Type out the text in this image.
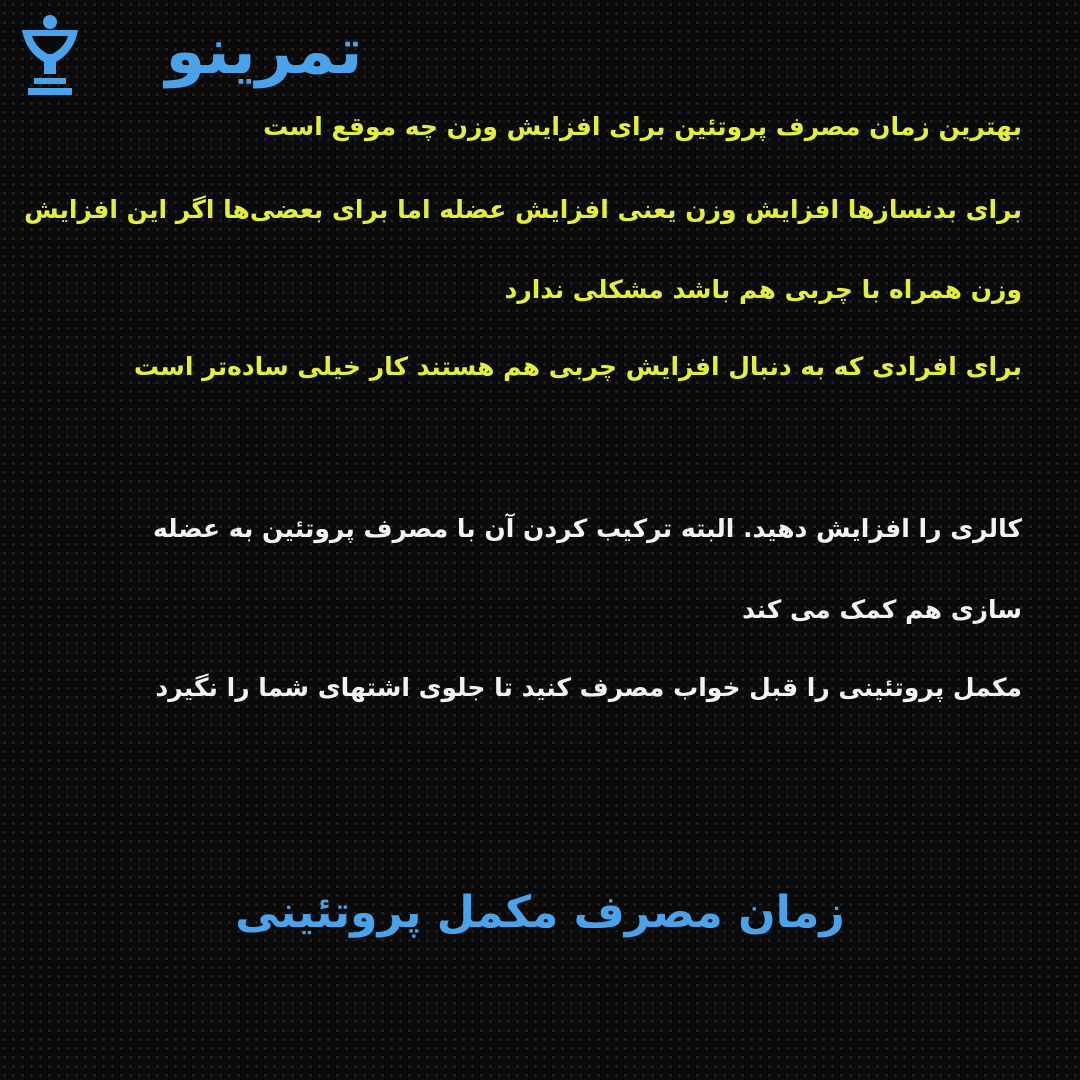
تمرینو
بهترین زمان مصرف پروتئین برای افزایش وزن چه موقع است
برای بدنسازها افزایش وزن یعنی افزایش عضله اما برای بعضی‌ها اگر این افزایش
وزن همراه با چربی هم باشد مشکلی ندارد
برای افرادی که به دنبال افزایش چربی هم هستند کار خیلی ساده‌تر است
کالری را افزایش دهید. البته ترکیب کردن آن با مصرف پروتئین به عضله
سازی هم کمک می کند
مکمل پروتئینی را قبل خواب مصرف کنید تا جلوی اشتهای شما را نگیرد
زمان مصرف مکمل پروتئینی
